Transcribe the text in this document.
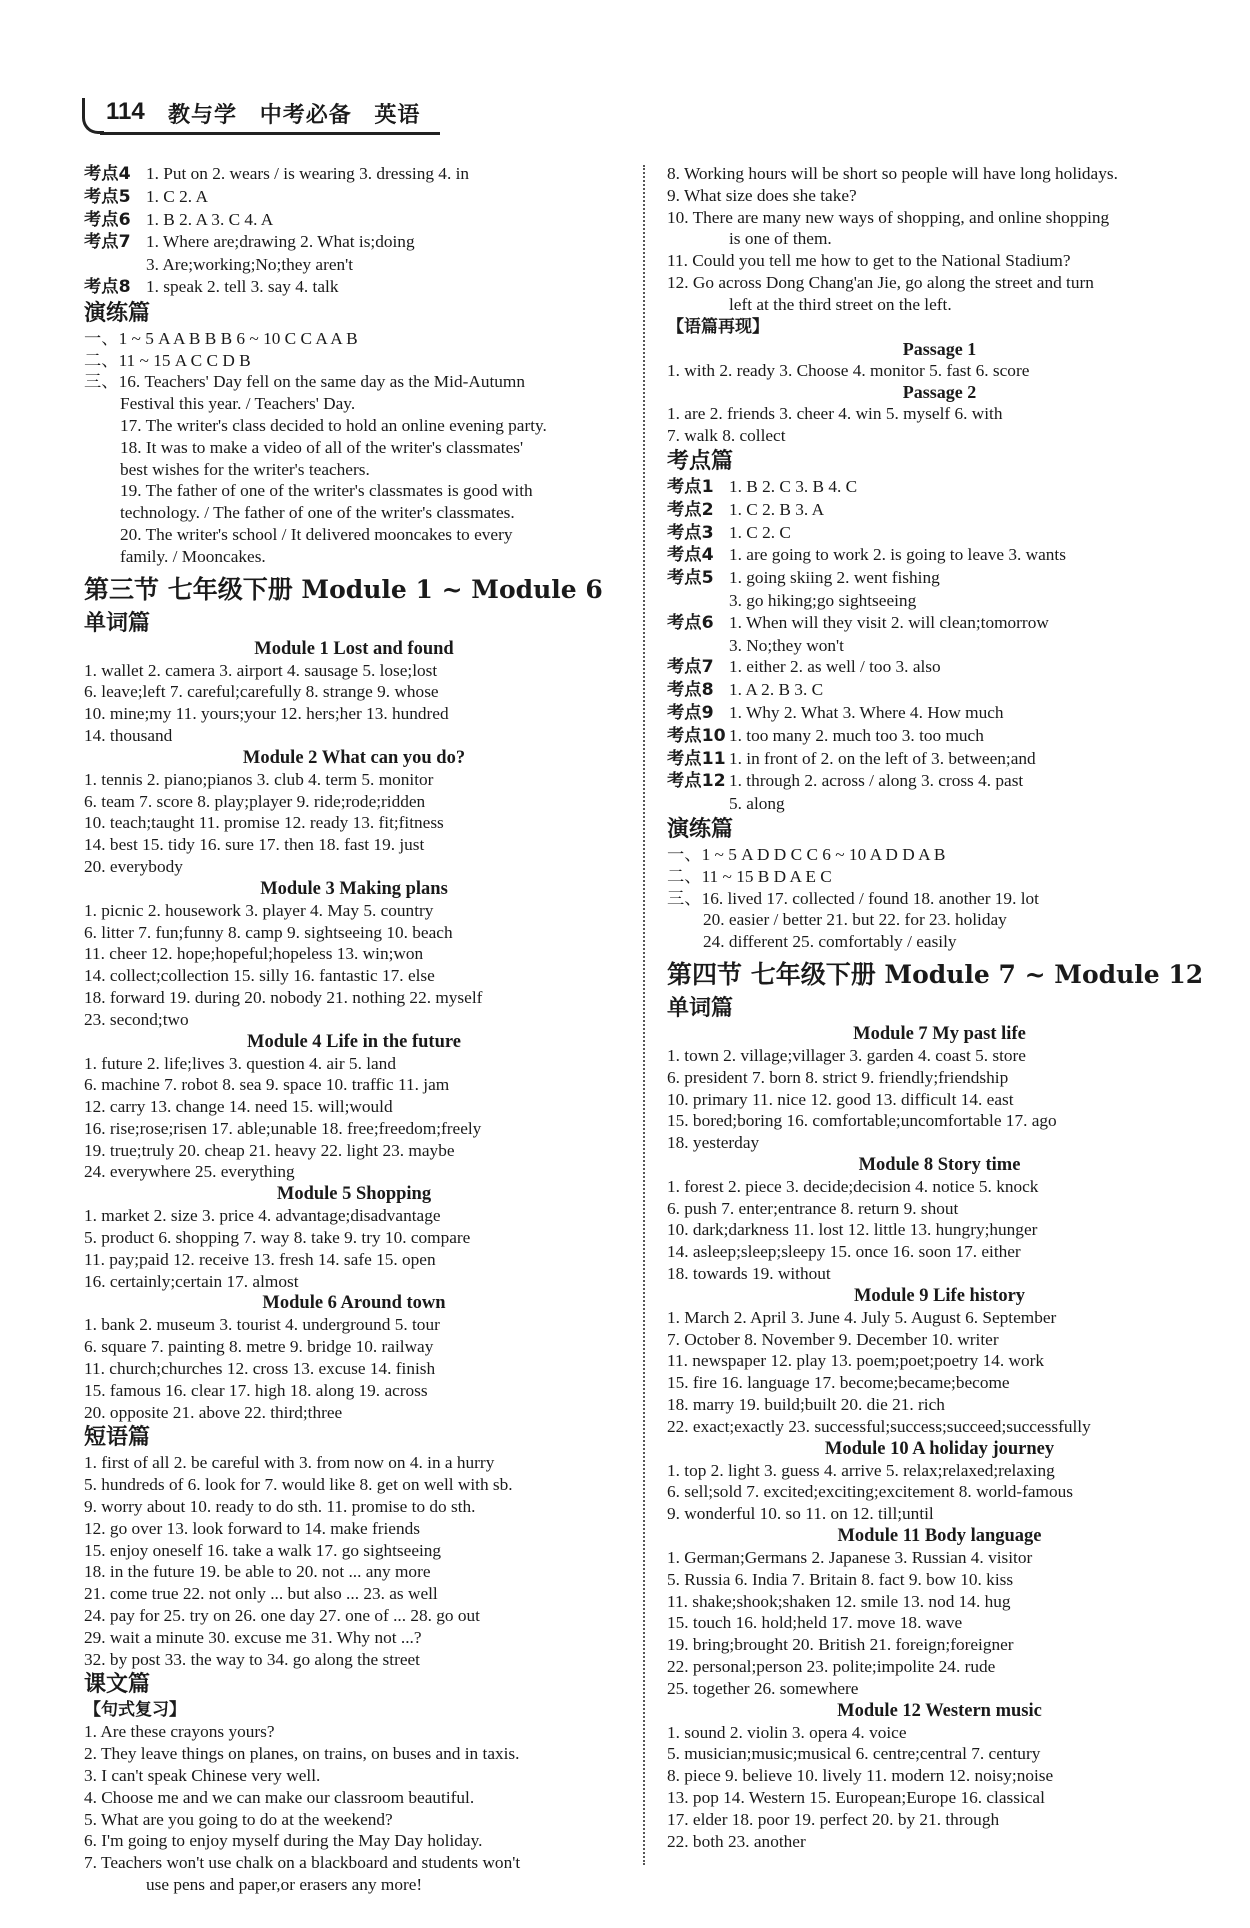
114 教与学 中考必备 英语
考点4 1. Put on 2. wears / is wearing 3. dressing 4. in
考点5 1. C 2. A
考点6 1. B 2. A 3. C 4. A
考点7 1. Where are;drawing 2. What is;doing
3. Are;working;No;they aren't
考点8 1. speak 2. tell 3. say 4. talk
演练篇
一、1 ~ 5 A A B B B 6 ~ 10 C C A A B
二、11 ~ 15 A C C D B
三、16. Teachers' Day fell on the same day as the Mid-Autumn
Festival this year. / Teachers' Day.
17. The writer's class decided to hold an online evening party.
18. It was to make a video of all of the writer's classmates'
best wishes for the writer's teachers.
19. The father of one of the writer's classmates is good with
technology. / The father of one of the writer's classmates.
20. The writer's school / It delivered mooncakes to every
family. / Mooncakes.
第三节 七年级下册 Module 1 ~ Module 6
单词篇
Module 1 Lost and found
1. wallet 2. camera 3. airport 4. sausage 5. lose;lost
6. leave;left 7. careful;carefully 8. strange 9. whose
10. mine;my 11. yours;your 12. hers;her 13. hundred
14. thousand
Module 2 What can you do?
1. tennis 2. piano;pianos 3. club 4. term 5. monitor
6. team 7. score 8. play;player 9. ride;rode;ridden
10. teach;taught 11. promise 12. ready 13. fit;fitness
14. best 15. tidy 16. sure 17. then 18. fast 19. just
20. everybody
Module 3 Making plans
1. picnic 2. housework 3. player 4. May 5. country
6. litter 7. fun;funny 8. camp 9. sightseeing 10. beach
11. cheer 12. hope;hopeful;hopeless 13. win;won
14. collect;collection 15. silly 16. fantastic 17. else
18. forward 19. during 20. nobody 21. nothing 22. myself
23. second;two
Module 4 Life in the future
1. future 2. life;lives 3. question 4. air 5. land
6. machine 7. robot 8. sea 9. space 10. traffic 11. jam
12. carry 13. change 14. need 15. will;would
16. rise;rose;risen 17. able;unable 18. free;freedom;freely
19. true;truly 20. cheap 21. heavy 22. light 23. maybe
24. everywhere 25. everything
Module 5 Shopping
1. market 2. size 3. price 4. advantage;disadvantage
5. product 6. shopping 7. way 8. take 9. try 10. compare
11. pay;paid 12. receive 13. fresh 14. safe 15. open
16. certainly;certain 17. almost
Module 6 Around town
1. bank 2. museum 3. tourist 4. underground 5. tour
6. square 7. painting 8. metre 9. bridge 10. railway
11. church;churches 12. cross 13. excuse 14. finish
15. famous 16. clear 17. high 18. along 19. across
20. opposite 21. above 22. third;three
短语篇
1. first of all 2. be careful with 3. from now on 4. in a hurry
5. hundreds of 6. look for 7. would like 8. get on well with sb.
9. worry about 10. ready to do sth. 11. promise to do sth.
12. go over 13. look forward to 14. make friends
15. enjoy oneself 16. take a walk 17. go sightseeing
18. in the future 19. be able to 20. not ... any more
21. come true 22. not only ... but also ... 23. as well
24. pay for 25. try on 26. one day 27. one of ... 28. go out
29. wait a minute 30. excuse me 31. Why not ...?
32. by post 33. the way to 34. go along the street
课文篇
【句式复习】
1. Are these crayons yours?
2. They leave things on planes, on trains, on buses and in taxis.
3. I can't speak Chinese very well.
4. Choose me and we can make our classroom beautiful.
5. What are you going to do at the weekend?
6. I'm going to enjoy myself during the May Day holiday.
7. Teachers won't use chalk on a blackboard and students won't
use pens and paper,or erasers any more!
8. Working hours will be short so people will have long holidays.
9. What size does she take?
10. There are many new ways of shopping, and online shopping
is one of them.
11. Could you tell me how to get to the National Stadium?
12. Go across Dong Chang'an Jie, go along the street and turn
left at the third street on the left.
【语篇再现】
Passage 1
1. with 2. ready 3. Choose 4. monitor 5. fast 6. score
Passage 2
1. are 2. friends 3. cheer 4. win 5. myself 6. with
7. walk 8. collect
考点篇
考点1 1. B 2. C 3. B 4. C
考点2 1. C 2. B 3. A
考点3 1. C 2. C
考点4 1. are going to work 2. is going to leave 3. wants
考点5 1. going skiing 2. went fishing
3. go hiking;go sightseeing
考点6 1. When will they visit 2. will clean;tomorrow
3. No;they won't
考点7 1. either 2. as well / too 3. also
考点8 1. A 2. B 3. C
考点9 1. Why 2. What 3. Where 4. How much
考点10 1. too many 2. much too 3. too much
考点11 1. in front of 2. on the left of 3. between;and
考点12 1. through 2. across / along 3. cross 4. past
5. along
演练篇
一、1 ~ 5 A D D C C 6 ~ 10 A D D A B
二、11 ~ 15 B D A E C
三、16. lived 17. collected / found 18. another 19. lot
20. easier / better 21. but 22. for 23. holiday
24. different 25. comfortably / easily
第四节 七年级下册 Module 7 ~ Module 12
单词篇
Module 7 My past life
1. town 2. village;villager 3. garden 4. coast 5. store
6. president 7. born 8. strict 9. friendly;friendship
10. primary 11. nice 12. good 13. difficult 14. east
15. bored;boring 16. comfortable;uncomfortable 17. ago
18. yesterday
Module 8 Story time
1. forest 2. piece 3. decide;decision 4. notice 5. knock
6. push 7. enter;entrance 8. return 9. shout
10. dark;darkness 11. lost 12. little 13. hungry;hunger
14. asleep;sleep;sleepy 15. once 16. soon 17. either
18. towards 19. without
Module 9 Life history
1. March 2. April 3. June 4. July 5. August 6. September
7. October 8. November 9. December 10. writer
11. newspaper 12. play 13. poem;poet;poetry 14. work
15. fire 16. language 17. become;became;become
18. marry 19. build;built 20. die 21. rich
22. exact;exactly 23. successful;success;succeed;successfully
Module 10 A holiday journey
1. top 2. light 3. guess 4. arrive 5. relax;relaxed;relaxing
6. sell;sold 7. excited;exciting;excitement 8. world-famous
9. wonderful 10. so 11. on 12. till;until
Module 11 Body language
1. German;Germans 2. Japanese 3. Russian 4. visitor
5. Russia 6. India 7. Britain 8. fact 9. bow 10. kiss
11. shake;shook;shaken 12. smile 13. nod 14. hug
15. touch 16. hold;held 17. move 18. wave
19. bring;brought 20. British 21. foreign;foreigner
22. personal;person 23. polite;impolite 24. rude
25. together 26. somewhere
Module 12 Western music
1. sound 2. violin 3. opera 4. voice
5. musician;music;musical 6. centre;central 7. century
8. piece 9. believe 10. lively 11. modern 12. noisy;noise
13. pop 14. Western 15. European;Europe 16. classical
17. elder 18. poor 19. perfect 20. by 21. through
22. both 23. another
